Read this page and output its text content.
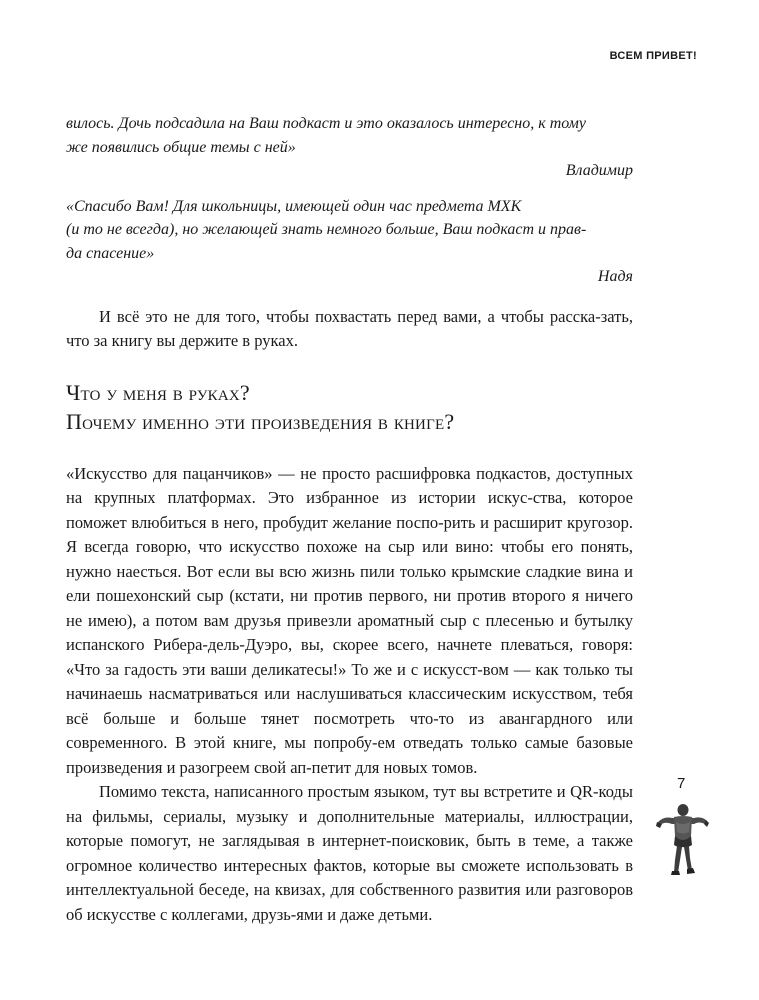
ВСЕМ ПРИВЕТ!

вилось. Дочь подсадила на Ваш подкаст и это оказалось интересно, к тому
же появились общие темы с ней»

Владимир

«Спасибо Вам! Для школьницы, имеющей один час предмета МХК
(и то не всегда), но желающей знать немного больше, Ваш подкаст и прав-
да спасение»

Надя

И всё это не для того, чтобы похвастать перед вами, а чтобы расска-зать, что за книгу вы держите в руках.

Что у меня в руках?
Почему именно эти произведения в книге?

«Искусство для пацанчиков» — не просто расшифровка подкастов, доступных на крупных платформах. Это избранное из истории искус-ства, которое поможет влюбиться в него, пробудит желание поспо-рить и расширит кругозор. Я всегда говорю, что искусство похоже на сыр или вино: чтобы его понять, нужно наесться. Вот если вы всю жизнь пили только крымские сладкие вина и ели пошехонский сыр (кстати, ни против первого, ни против второго я ничего не имею), а потом вам друзья привезли ароматный сыр с плесенью и бутылку испанского Рибера-дель-Дуэро, вы, скорее всего, начнете плеваться, говоря: «Что за гадость эти ваши деликатесы!» То же и с искусст-вом — как только ты начинаешь насматриваться или наслушиваться классическим искусством, тебя всё больше и больше тянет посмотреть что-то из авангардного или современного. В этой книге, мы попробу-ем отведать только самые базовые произведения и разогреем свой ап-петит для новых томов.

Помимо текста, написанного простым языком, тут вы встретите и QR-коды на фильмы, сериалы, музыку и дополнительные материалы, иллюстрации, которые помогут, не заглядывая в интернет-поисковик, быть в теме, а также огромное количество интересных фактов, которые вы сможете использовать в интеллектуальной беседе, на квизах, для собственного развития или разговоров об искусстве с коллегами, друзь-ями и даже детьми.

7
